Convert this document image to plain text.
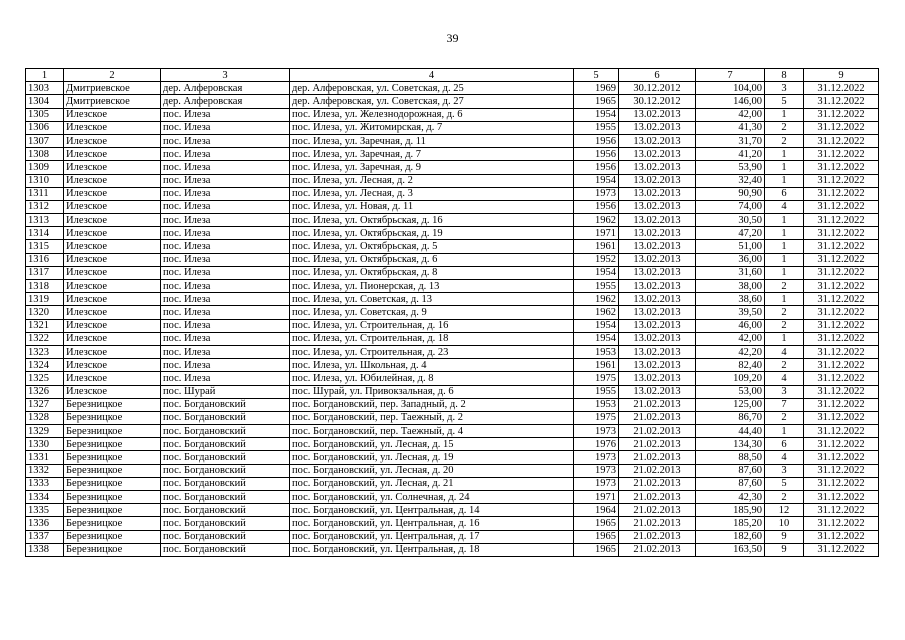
39
1	2	3	4	5	6	7	8	9
1303	Дмитриевское	дер. Алферовская	дер. Алферовская, ул. Советская, д. 25	1969	30.12.2012	104,00	3	31.12.2022
1304	Дмитриевское	дер. Алферовская	дер. Алферовская, ул. Советская, д. 27	1965	30.12.2012	146,00	5	31.12.2022
1305	Илезское	пос. Илеза	пос. Илеза, ул. Железнодорожная, д. 6	1954	13.02.2013	42,00	1	31.12.2022
1306	Илезское	пос. Илеза	пос. Илеза, ул. Житомирская, д. 7	1955	13.02.2013	41,30	2	31.12.2022
1307	Илезское	пос. Илеза	пос. Илеза, ул. Заречная, д. 11	1956	13.02.2013	31,70	2	31.12.2022
1308	Илезское	пос. Илеза	пос. Илеза, ул. Заречная, д. 7	1956	13.02.2013	41,20	1	31.12.2022
1309	Илезское	пос. Илеза	пос. Илеза, ул. Заречная, д. 9	1956	13.02.2013	53,90	1	31.12.2022
1310	Илезское	пос. Илеза	пос. Илеза, ул. Лесная, д. 2	1954	13.02.2013	32,40	1	31.12.2022
1311	Илезское	пос. Илеза	пос. Илеза, ул. Лесная, д. 3	1973	13.02.2013	90,90	6	31.12.2022
1312	Илезское	пос. Илеза	пос. Илеза, ул. Новая, д. 11	1956	13.02.2013	74,00	4	31.12.2022
1313	Илезское	пос. Илеза	пос. Илеза, ул. Октябрьская, д. 16	1962	13.02.2013	30,50	1	31.12.2022
1314	Илезское	пос. Илеза	пос. Илеза, ул. Октябрьская, д. 19	1971	13.02.2013	47,20	1	31.12.2022
1315	Илезское	пос. Илеза	пос. Илеза, ул. Октябрьская, д. 5	1961	13.02.2013	51,00	1	31.12.2022
1316	Илезское	пос. Илеза	пос. Илеза, ул. Октябрьская, д. 6	1952	13.02.2013	36,00	1	31.12.2022
1317	Илезское	пос. Илеза	пос. Илеза, ул. Октябрьская, д. 8	1954	13.02.2013	31,60	1	31.12.2022
1318	Илезское	пос. Илеза	пос. Илеза, ул. Пионерская, д. 13	1955	13.02.2013	38,00	2	31.12.2022
1319	Илезское	пос. Илеза	пос. Илеза, ул. Советская, д. 13	1962	13.02.2013	38,60	1	31.12.2022
1320	Илезское	пос. Илеза	пос. Илеза, ул. Советская, д. 9	1962	13.02.2013	39,50	2	31.12.2022
1321	Илезское	пос. Илеза	пос. Илеза, ул. Строительная, д. 16	1954	13.02.2013	46,00	2	31.12.2022
1322	Илезское	пос. Илеза	пос. Илеза, ул. Строительная, д. 18	1954	13.02.2013	42,00	1	31.12.2022
1323	Илезское	пос. Илеза	пос. Илеза, ул. Строительная, д. 23	1953	13.02.2013	42,20	4	31.12.2022
1324	Илезское	пос. Илеза	пос. Илеза, ул. Школьная, д. 4	1961	13.02.2013	82,40	2	31.12.2022
1325	Илезское	пос. Илеза	пос. Илеза, ул. Юбилейная, д. 8	1975	13.02.2013	109,20	4	31.12.2022
1326	Илезское	пос. Шурай	пос. Шурай, ул. Привокзальная, д. 6	1955	13.02.2013	53,00	3	31.12.2022
1327	Березницкое	пос. Богдановский	пос. Богдановский, пер. Западный, д. 2	1953	21.02.2013	125,00	7	31.12.2022
1328	Березницкое	пос. Богдановский	пос. Богдановский, пер. Таежный, д. 2	1975	21.02.2013	86,70	2	31.12.2022
1329	Березницкое	пос. Богдановский	пос. Богдановский, пер. Таежный, д. 4	1973	21.02.2013	44,40	1	31.12.2022
1330	Березницкое	пос. Богдановский	пос. Богдановский, ул. Лесная, д. 15	1976	21.02.2013	134,30	6	31.12.2022
1331	Березницкое	пос. Богдановский	пос. Богдановский, ул. Лесная, д. 19	1973	21.02.2013	88,50	4	31.12.2022
1332	Березницкое	пос. Богдановский	пос. Богдановский, ул. Лесная, д. 20	1973	21.02.2013	87,60	3	31.12.2022
1333	Березницкое	пос. Богдановский	пос. Богдановский, ул. Лесная, д. 21	1973	21.02.2013	87,60	5	31.12.2022
1334	Березницкое	пос. Богдановский	пос. Богдановский, ул. Солнечная, д. 24	1971	21.02.2013	42,30	2	31.12.2022
1335	Березницкое	пос. Богдановский	пос. Богдановский, ул. Центральная, д. 14	1964	21.02.2013	185,90	12	31.12.2022
1336	Березницкое	пос. Богдановский	пос. Богдановский, ул. Центральная, д. 16	1965	21.02.2013	185,20	10	31.12.2022
1337	Березницкое	пос. Богдановский	пос. Богдановский, ул. Центральная, д. 17	1965	21.02.2013	182,60	9	31.12.2022
1338	Березницкое	пос. Богдановский	пос. Богдановский, ул. Центральная, д. 18	1965	21.02.2013	163,50	9	31.12.2022
